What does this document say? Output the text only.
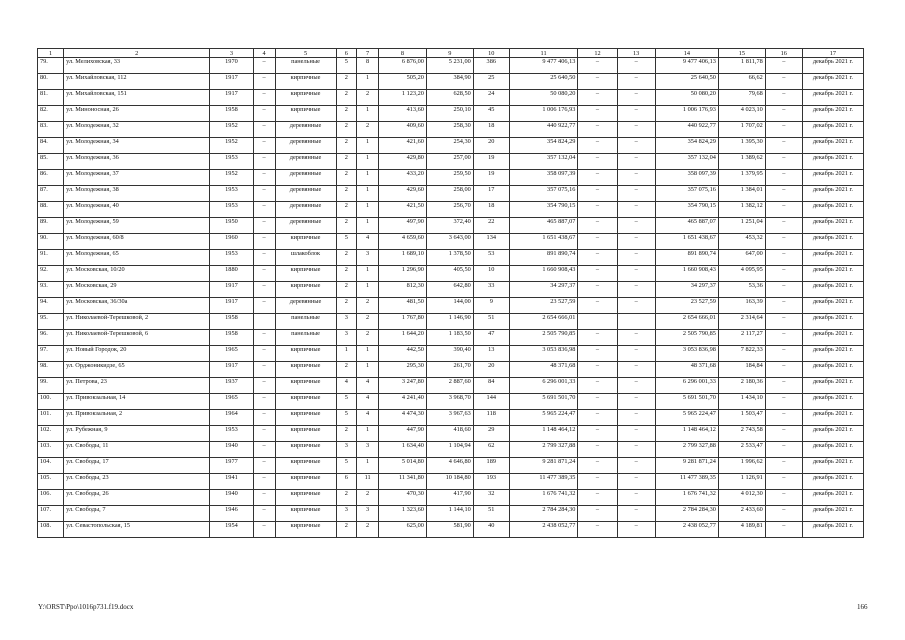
1	2	3	4	5	6	7	8	9	10	11	12	13	14	15	16	17
79.	ул. Мелиховская, 33	1970	–	панельные	5	8	6 876,00	5 231,00	386	9 477 406,13	–	–	9 477 406,13	1 811,78	–	декабрь 2021 г.
80.	ул. Михайловская, 112	1917	–	кирпичные	2	1	505,20	384,90	25	25 640,50	–	–	25 640,50	66,62	–	декабрь 2021 г.
81.	ул. Михайловская, 151	1917	–	кирпичные	2	2	1 123,20	628,50	24	50 080,20	–	–	50 080,20	79,68	–	декабрь 2021 г.
82.	ул. Миноносная, 26	1958	–	кирпичные	2	1	413,60	250,10	45	1 006 176,93	–	–	1 006 176,93	4 023,10	–	декабрь 2021 г.
83.	ул. Молодежная, 32	1952	–	деревянные	2	2	409,60	258,30	18	440 922,77	–	–	440 922,77	1 707,02	–	декабрь 2021 г.
84.	ул. Молодежная, 34	1952	–	деревянные	2	1	421,60	254,30	20	354 824,29	–	–	354 824,29	1 395,30	–	декабрь 2021 г.
85.	ул. Молодежная, 36	1953	–	деревянные	2	1	429,80	257,00	19	357 132,04	–	–	357 132,04	1 389,62	–	декабрь 2021 г.
86.	ул. Молодежная, 37	1952	–	деревянные	2	1	433,20	259,50	19	358 097,39	–	–	358 097,39	1 379,95	–	декабрь 2021 г.
87.	ул. Молодежная, 38	1953	–	деревянные	2	1	429,60	258,00	17	357 075,16	–	–	357 075,16	1 384,01	–	декабрь 2021 г.
88.	ул. Молодежная, 40	1953	–	деревянные	2	1	421,50	256,70	18	354 790,15	–	–	354 790,15	1 382,12	–	декабрь 2021 г.
89.	ул. Молодежная, 59	1950	–	деревянные	2	1	497,90	372,40	22	465 887,07	–	–	465 887,07	1 251,04	–	декабрь 2021 г.
90.	ул. Молодежная, 60/8	1960	–	кирпичные	5	4	4 659,60	3 643,00	134	1 651 438,67	–	–	1 651 438,67	453,32	–	декабрь 2021 г.
91.	ул. Молодежная, 65	1953	–	шлакоблок	2	3	1 689,10	1 378,50	53	891 890,74	–	–	891 890,74	647,00	–	декабрь 2021 г.
92.	ул. Московская, 10/20	1880	–	кирпичные	2	1	1 296,90	405,50	10	1 660 908,43	–	–	1 660 908,43	4 095,95	–	декабрь 2021 г.
93.	ул. Московская, 29	1917	–	кирпичные	2	1	812,30	642,80	33	34 297,37	–	–	34 297,37	53,36	–	декабрь 2021 г.
94.	ул. Московская, 36/30а	1917	–	деревянные	2	2	481,50	144,00	9	23 527,59	–	–	23 527,59	163,39	–	декабрь 2021 г.
95.	ул. Николаевой-Терешковой, 2	1958		панельные	3	2	1 767,80	1 146,90	51	2 654 666,01			2 654 666,01	2 314,64	–	декабрь 2021 г.
96.	ул. Николаевой-Терешковой, 6	1958	–	панельные	3	2	1 644,20	1 183,50	47	2 505 790,85	–	–	2 505 790,85	2 117,27	–	декабрь 2021 г.
97.	ул. Новый Городок, 20	1965	–	кирпичные	1	1	442,50	390,40	13	3 053 836,98	–	–	3 053 836,98	7 822,33	–	декабрь 2021 г.
98.	ул. Орджоникидзе, 65	1917	–	кирпичные	2	1	295,30	261,70	20	48 371,68	–	–	48 371,68	184,84	–	декабрь 2021 г.
99.	ул. Петрова, 23	1937	–	кирпичные	4	4	3 247,80	2 887,60	84	6 296 001,33	–	–	6 296 001,33	2 180,36	–	декабрь 2021 г.
100.	ул. Привокзальная, 14	1965	–	кирпичные	5	4	4 241,40	3 968,70	144	5 691 501,70	–	–	5 691 501,70	1 434,10	–	декабрь 2021 г.
101.	ул. Привокзальная, 2	1964	–	кирпичные	5	4	4 474,30	3 967,63	118	5 965 224,47	–	–	5 965 224,47	1 503,47	–	декабрь 2021 г.
102.	ул. Рубежная, 9	1953	–	кирпичные	2	1	447,90	418,60	29	1 148 464,12	–	–	1 148 464,12	2 743,58	–	декабрь 2021 г.
103.	ул. Свободы, 11	1940	–	кирпичные	3	3	1 634,40	1 104,94	62	2 799 327,88	–	–	2 799 327,88	2 533,47	–	декабрь 2021 г.
104.	ул. Свободы, 17	1977	–	кирпичные	5	1	5 014,80	4 646,80	189	9 281 871,24	–	–	9 281 871,24	1 996,62	–	декабрь 2021 г.
105.	ул. Свободы, 23	1941	–	кирпичные	6	11	11 341,80	10 184,80	193	11 477 389,35	–	–	11 477 389,35	1 126,91	–	декабрь 2021 г.
106.	ул. Свободы, 26	1940	–	кирпичные	2	2	470,30	417,90	32	1 676 741,32	–	–	1 676 741,32	4 012,30	–	декабрь 2021 г.
107.	ул. Свободы, 7	1946	–	кирпичные	3	3	1 323,60	1 144,10	51	2 784 284,30	–	–	2 784 284,30	2 433,60	–	декабрь 2021 г.
108.	ул. Севастопольская, 15	1954	–	кирпичные	2	2	625,00	581,90	40	2 438 052,77	–	–	2 438 052,77	4 189,81	–	декабрь 2021 г.
Y:\ORST\Ppo\1016p731.f19.docx	166
